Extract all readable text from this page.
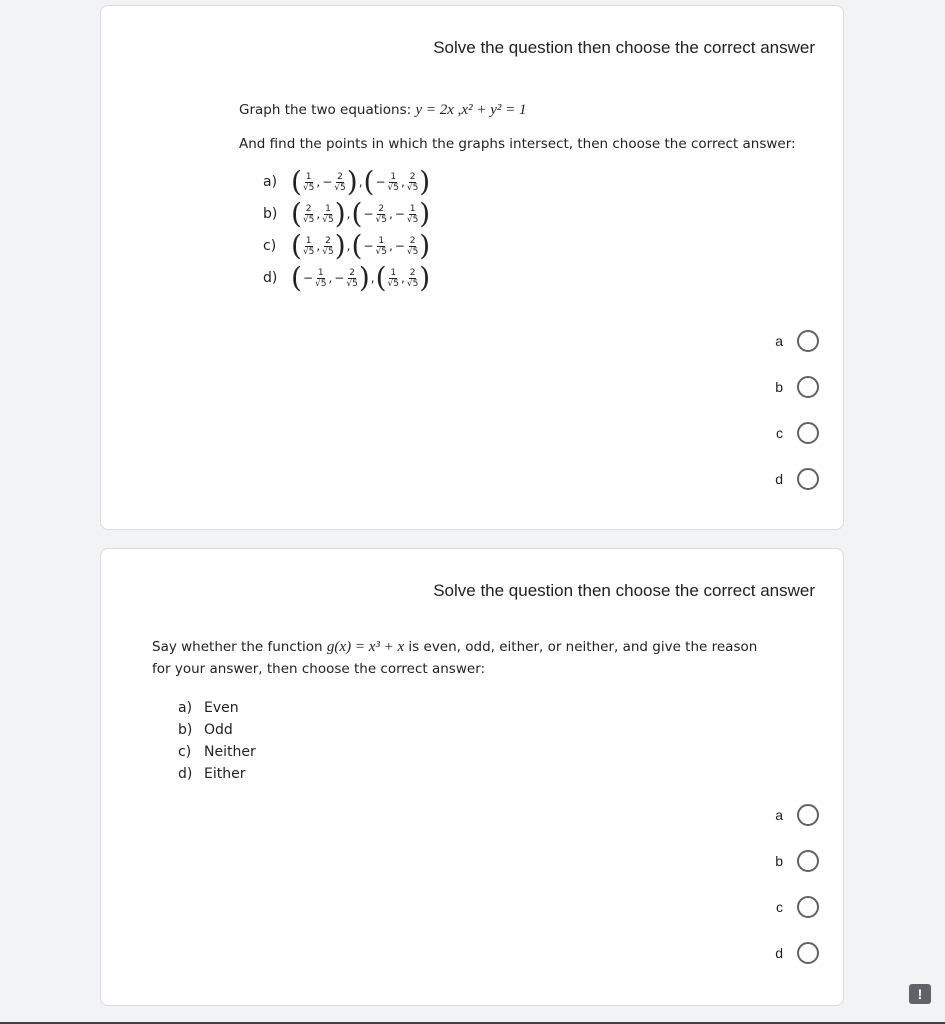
Solve the question then choose the correct answer
Graph the two equations: y = 2x ,x² + y² = 1
And find the points in which the graphs intersect, then choose the correct answer:
a) ( $\frac{1}{√5}$ , − $\frac{2}{√5}$ ) , (− $\frac{1}{√5}$ , $\frac{2}{√5}$ )
b) ( $\frac{2}{√5}$ , $\frac{1}{√5}$ ) , (− $\frac{2}{√5}$ , − $\frac{1}{√5}$ )
c) ( $\frac{1}{√5}$ , $\frac{2}{√5}$ ) , (− $\frac{1}{√5}$ , − $\frac{2}{√5}$ )
d) (− $\frac{1}{√5}$ , − $\frac{2}{√5}$ ) , ( $\frac{1}{√5}$ , $\frac{2}{√5}$ )
a
b
c
d
Solve the question then choose the correct answer
Say whether the function g(x) = x³ + x is even, odd, either, or neither, and give the reason
for your answer, then choose the correct answer:
a) Even
b) Odd
c) Neither
d) Either
a
b
c
d
!
